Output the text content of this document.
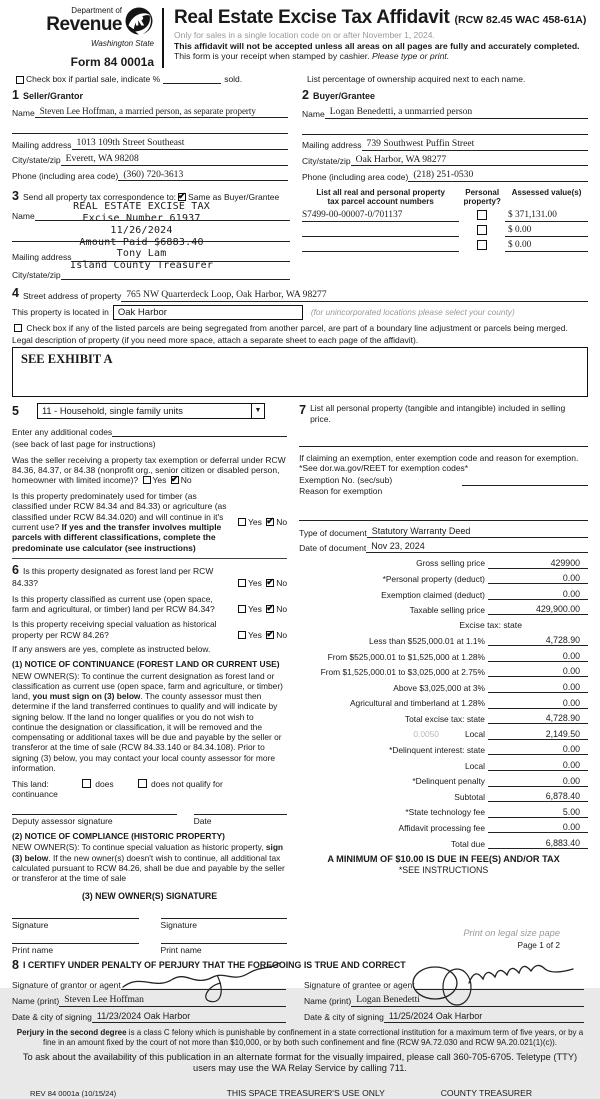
Department of
Revenue
Washington State
Form 84 0001a
Real Estate Excise Tax Affidavit (RCW 82.45 WAC 458-61A)
Only for sales in a single location code on or after November 1, 2024.
This affidavit will not be accepted unless all areas on all pages are fully and accurately completed.
This form is your receipt when stamped by cashier. Please type or print.
Check box if partial sale, indicate %	sold.	List percentage of ownership acquired next to each name.
1 Seller/Grantor
Name Steven Lee Hoffman, a married person, as separate property
Mailing address 1013 109th Street Southeast
City/state/zip Everett, WA 98208
Phone (including area code) (360) 720-3613
2 Buyer/Grantee
Name Logan Benedetti, a unmarried person
Mailing address 739 Southwest Puffin Street
City/state/zip Oak Harbor, WA 98277
Phone (including area code) (218) 251-0530
3 Send all property tax correspondence to:
✔ Same as Buyer/Grantee
Name
Mailing address
City/state/zip
REAL ESTATE EXCISE TAX
Excise Number 61937
11/26/2024
Amount Paid $6883.40
Tony Lam
Island County Treasurer
List all real and personal property tax parcel account numbers
Personal property?
Assessed value(s)
S7499-00-00007-0/701137	$ 371,131.00
$ 0.00
$ 0.00
4 Street address of property 765 NW Quarterdeck Loop, Oak Harbor, WA 98277
This property is located in Oak Harbor	(for unincorporated locations please select your county)
Check box if any of the listed parcels are being segregated from another parcel, are part of a boundary line adjustment or parcels being merged.
Legal description of property (if you need more space, attach a separate sheet to each page of the affidavit).
SEE EXHIBIT A
5	11 - Household, single family units	▼
Enter any additional codes
(see back of last page for instructions)
Was the seller receiving a property tax exemption or deferral under RCW 84.36, 84.37, or 84.38 (nonprofit org., senior citizen or disabled person, homeowner with limited income)? Yes ✔ No
Is this property predominately used for timber (as classified under RCW 84.34 and 84.33) or agriculture (as classified under RCW 84.34.020) and will continue in it's current use? If yes and the transfer involves multiple parcels with different classifications, complete the predominate use calculator (see instructions)
Yes ✔ No
6 Is this property designated as forest land per RCW 84.33?	Yes ✔ No
Is this property classified as current use (open space, farm and agricultural, or timber) land per RCW 84.34?	Yes ✔ No
Is this property receiving special valuation as historical property per RCW 84.26?	Yes ✔ No
If any answers are yes, complete as instructed below.
(1) NOTICE OF CONTINUANCE (FOREST LAND OR CURRENT USE)
NEW OWNER(S): To continue the current designation as forest land or classification as current use (open space, farm and agriculture, or timber) land, you must sign on (3) below. The county assessor must then determine if the land transferred continues to qualify and will indicate by signing below. If the land no longer qualifies or you do not wish to continue the designation or classification, it will be removed and the compensating or additional taxes will be due and payable by the seller or transferor at the time of sale (RCW 84.33.140 or 84.34.108). Prior to signing (3) below, you may contact your local county assessor for more information.
This land:
continuance
does	does not qualify for
Deputy assessor signature	Date
(2) NOTICE OF COMPLIANCE (HISTORIC PROPERTY)
NEW OWNER(S): To continue special valuation as historic property, sign (3) below. If the new owner(s) doesn't wish to continue, all additional tax calculated pursuant to RCW 84.26, shall be due and payable by the seller or transferor at the time of sale
(3) NEW OWNER(S) SIGNATURE
Signature	Signature
Print name	Print name
7 List all personal property (tangible and intangible) included in selling price.
If claiming an exemption, enter exemption code and reason for exemption. *See dor.wa.gov/REET for exemption codes*
Exemption No. (sec/sub)
Reason for exemption
Type of document Statutory Warranty Deed
Date of document Nov 23, 2024
Gross selling price	429900
*Personal property (deduct)	0.00
Exemption claimed (deduct)	0.00
Taxable selling price	429,900.00
Excise tax: state
Less than $525,000.01 at 1.1%	4,728.90
From $525,000.01 to $1,525,000 at 1.28%	0.00
From $1,525,000.01 to $3,025,000 at 2.75%	0.00
Above $3,025,000 at 3%	0.00
Agricultural and timberland at 1.28%	0.00
Total excise tax: state	4,728.90
0.0050	Local	2,149.50
*Delinquent interest: state	0.00
Local	0.00
*Delinquent penalty	0.00
Subtotal	6,878.40
*State technology fee	5.00
Affidavit processing fee	0.00
Total due	6,883.40
A MINIMUM OF $10.00 IS DUE IN FEE(S) AND/OR TAX
*SEE INSTRUCTIONS
8 I CERTIFY UNDER PENALTY OF PERJURY THAT THE FOREGOING IS TRUE AND CORRECT
Signature of grantor or agent
Name (print) Steven Lee Hoffman
Date & city of signing 11/23/2024 Oak Harbor
Signature of grantee or agent
Name (print) Logan Benedetti
Date & city of signing 11/25/2024 Oak Harbor
Perjury in the second degree is a class C felony which is punishable by confinement in a state correctional institution for a maximum term of five years, or by a fine in an amount fixed by the court of not more than $10,000, or by both such confinement and fine (RCW 9A.72.030 and RCW 9A.20.021(1)(c)).
To ask about the availability of this publication in an alternate format for the visually impaired, please call 360-705-6705. Teletype (TTY) users may use the WA Relay Service by calling 711.
REV 84 0001a (10/15/24)	THIS SPACE TREASURER'S USE ONLY	COUNTY TREASURER
Print on legal size pape
Page 1 of 2
